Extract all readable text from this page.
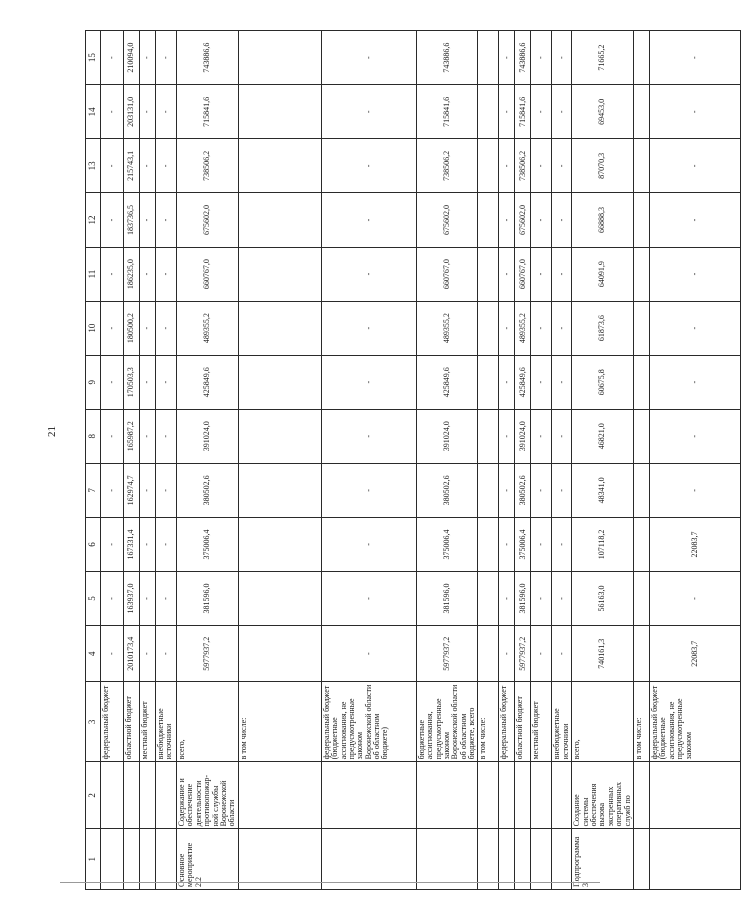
21
1	2	3	4	5	6	7	8	9	10	11	12	13	14	15
		федеральный бюджет	-	-	-	-	-	-	-	-	-	-	-	-
		областной бюджет	2010173,4	163937,0	167331,4	162974,7	165987,2	170503,3	180500,2	186235,0	183736,5	215743,1	203131,0	210094,0
		местный бюджет	-	-	-	-	-	-	-	-	-	-	-	-
		внебюджетные источники	-	-	-	-	-	-	-	-	-	-	-	-
Основное мероприятие 2.2	Содержание и обеспечение деятельности противопожар-ной службы Воронежской области	всего,	5977937,2	381596,0	375006,4	380502,6	391024,0	425849,6	489355,2	660767,0	675602,0	738506,2	715841,6	743886,6
		в том числе:												
		федеральный бюджет (бюджетные ассигнования, не предусмотренные законом Воронежской области об областном бюджете)	-	-	-	-	-	-	-	-	-	-	-	-
		бюджетные ассигнования, предусмотренные законом Воронежской области об областном бюджете, всего	5977937,2	381596,0	375006,4	380502,6	391024,0	425849,6	489355,2	660767,0	675602,0	738506,2	715841,6	743886,6
		в том числе:												
		федеральный бюджет	-	-	-	-	-	-	-	-	-	-	-	-
		областной бюджет	5977937,2	381596,0	375006,4	380502,6	391024,0	425849,6	489355,2	660767,0	675602,0	738506,2	715841,6	743886,6
		местный бюджет	-	-	-	-	-	-	-	-	-	-	-	-
		внебюджетные источники	-	-	-	-	-	-	-	-	-	-	-	-
Подпрограмма 3	Создание системы обеспечения вызова экстренных оперативных служб по	всего,	740161,3	56163,0	107118,2	48341,0	46821,0	60675,8	61873,6	64091,9	66888,3	87070,3	69453,0	71665,2
		в том числе:												
		федеральный бюджет (бюджетные ассигнования, не предусмотренные законом	22083,7	-	22083,7	-	-	-	-	-	-	-	-	-
